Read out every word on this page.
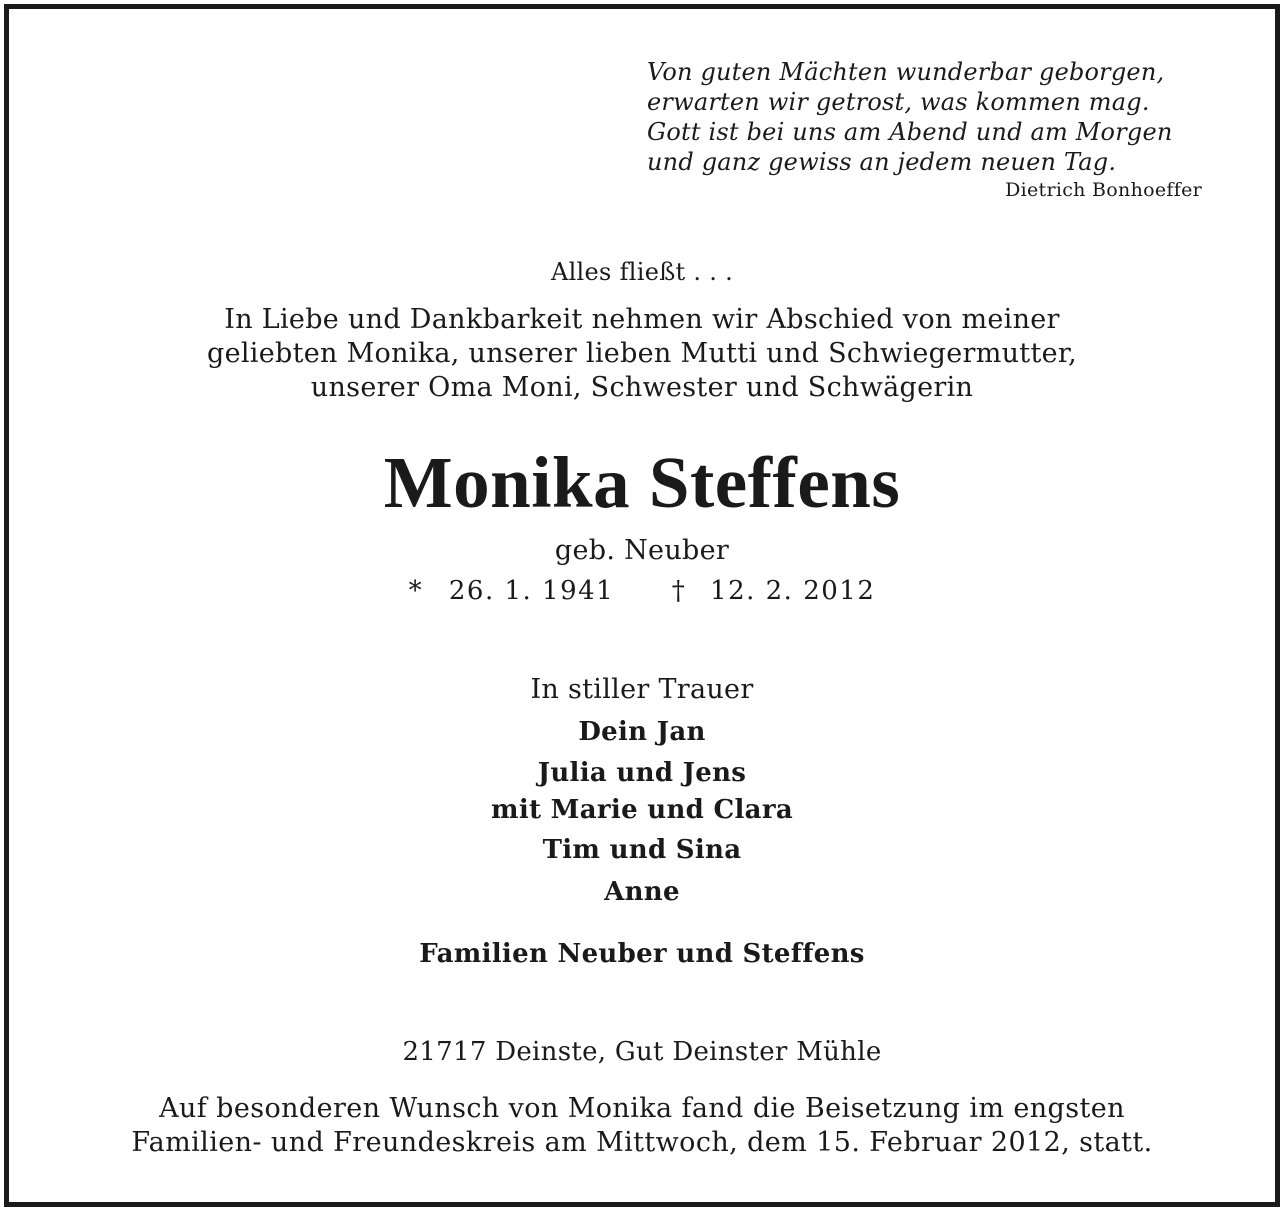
Von guten Mächten wunderbar geborgen,
erwarten wir getrost, was kommen mag.
Gott ist bei uns am Abend und am Morgen
und ganz gewiss an jedem neuen Tag.
Dietrich Bonhoeffer
Alles fließt . . .
In Liebe und Dankbarkeit nehmen wir Abschied von meiner
geliebten Monika, unserer lieben Mutti und Schwiegermutter,
unserer Oma Moni, Schwester und Schwägerin
Monika Steffens
geb. Neuber
* 26. 1. 1941 † 12. 2. 2012
In stiller Trauer
Dein Jan
Julia und Jens
mit Marie und Clara
Tim und Sina
Anne
Familien Neuber und Steffens
21717 Deinste, Gut Deinster Mühle
Auf besonderen Wunsch von Monika fand die Beisetzung im engsten
Familien- und Freundeskreis am Mittwoch, dem 15. Februar 2012, statt.
